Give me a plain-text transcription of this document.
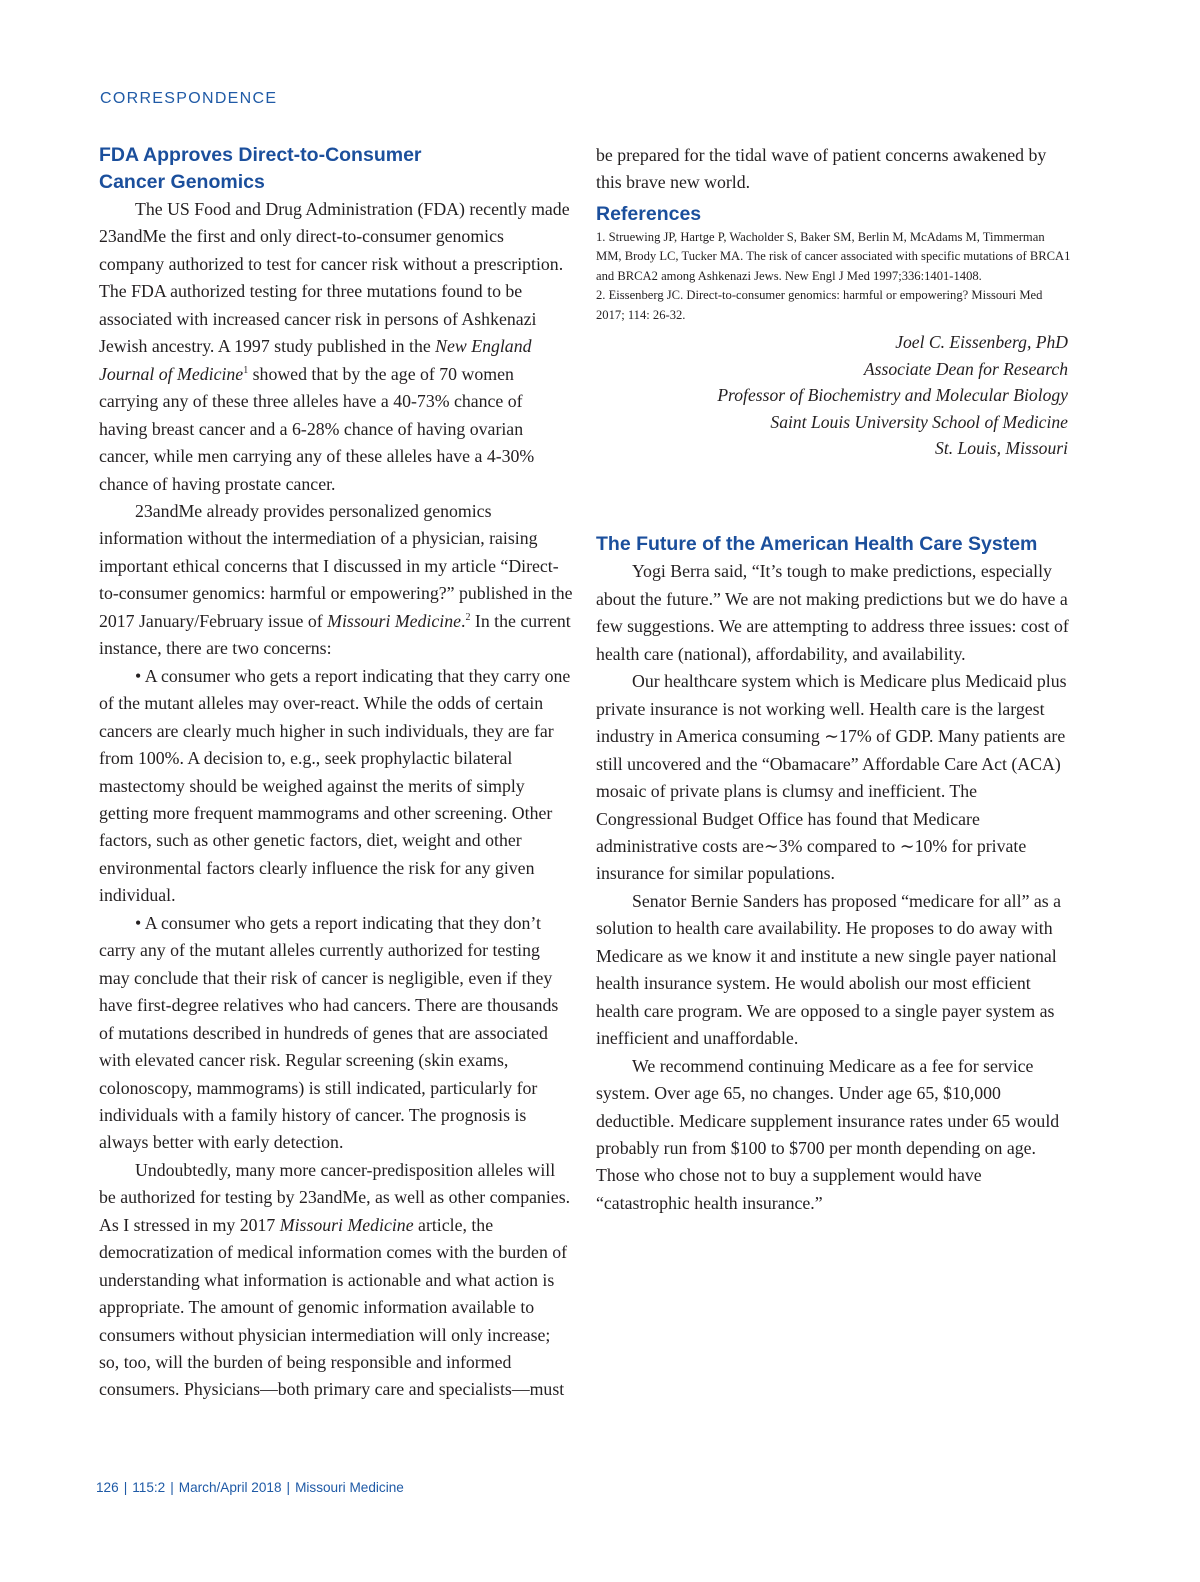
CORRESPONDENCE
FDA Approves Direct-to-Consumer
Cancer Genomics

The US Food and Drug Administration (FDA) recently made 23andMe the first and only direct-to-consumer genomics company authorized to test for cancer risk without a prescription. The FDA authorized testing for three mutations found to be associated with increased cancer risk in persons of Ashkenazi Jewish ancestry. A 1997 study published in the New England Journal of Medicine$^1$ showed that by the age of 70 women carrying any of these three alleles have a 40-73% chance of having breast cancer and a 6-28% chance of having ovarian cancer, while men carrying any of these alleles have a 4-30% chance of having prostate cancer.

23andMe already provides personalized genomics information without the intermediation of a physician, raising important ethical concerns that I discussed in my article “Direct-to-consumer genomics: harmful or empowering?” published in the 2017 January/February issue of Missouri Medicine.$^2$ In the current instance, there are two concerns:

• A consumer who gets a report indicating that they carry one of the mutant alleles may over-react. While the odds of certain cancers are clearly much higher in such individuals, they are far from 100%. A decision to, e.g., seek prophylactic bilateral mastectomy should be weighed against the merits of simply getting more frequent mammograms and other screening. Other factors, such as other genetic factors, diet, weight and other environmental factors clearly influence the risk for any given individual.

• A consumer who gets a report indicating that they don’t carry any of the mutant alleles currently authorized for testing may conclude that their risk of cancer is negligible, even if they have first-degree relatives who had cancers. There are thousands of mutations described in hundreds of genes that are associated with elevated cancer risk. Regular screening (skin exams, colonoscopy, mammograms) is still indicated, particularly for individuals with a family history of cancer. The prognosis is always better with early detection.

Undoubtedly, many more cancer-predisposition alleles will be authorized for testing by 23andMe, as well as other companies. As I stressed in my 2017 Missouri Medicine article, the democratization of medical information comes with the burden of understanding what information is actionable and what action is appropriate. The amount of genomic information available to consumers without physician intermediation will only increase; so, too, will the burden of being responsible and informed consumers. Physicians—both primary care and specialists—must

be prepared for the tidal wave of patient concerns awakened by this brave new world.

References
1. Struewing JP, Hartge P, Wacholder S, Baker SM, Berlin M, McAdams M, Timmerman MM, Brody LC, Tucker MA. The risk of cancer associated with specific mutations of BRCA1 and BRCA2 among Ashkenazi Jews. New Engl J Med 1997;336:1401-1408.
2. Eissenberg JC. Direct-to-consumer genomics: harmful or empowering? Missouri Med 2017; 114: 26-32.
Joel C. Eissenberg, PhD
Associate Dean for Research
Professor of Biochemistry and Molecular Biology
Saint Louis University School of Medicine
St. Louis, Missouri
The Future of the American Health Care System

Yogi Berra said, “It’s tough to make predictions, especially about the future.” We are not making predictions but we do have a few suggestions. We are attempting to address three issues: cost of health care (national), affordability, and availability.

Our healthcare system which is Medicare plus Medicaid plus private insurance is not working well. Health care is the largest industry in America consuming ∼17% of GDP. Many patients are still uncovered and the “Obamacare” Affordable Care Act (ACA) mosaic of private plans is clumsy and inefficient. The Congressional Budget Office has found that Medicare administrative costs are∼3% compared to ∼10% for private insurance for similar populations.

Senator Bernie Sanders has proposed “medicare for all” as a solution to health care availability. He proposes to do away with Medicare as we know it and institute a new single payer national health insurance system. He would abolish our most efficient health care program. We are opposed to a single payer system as inefficient and unaffordable.

We recommend continuing Medicare as a fee for service system. Over age 65, no changes. Under age 65, $10,000 deductible. Medicare supplement insurance rates under 65 would probably run from $100 to $700 per month depending on age. Those who chose not to buy a supplement would have “catastrophic health insurance.”

126 | 115:2 | March/April 2018 | Missouri Medicine
